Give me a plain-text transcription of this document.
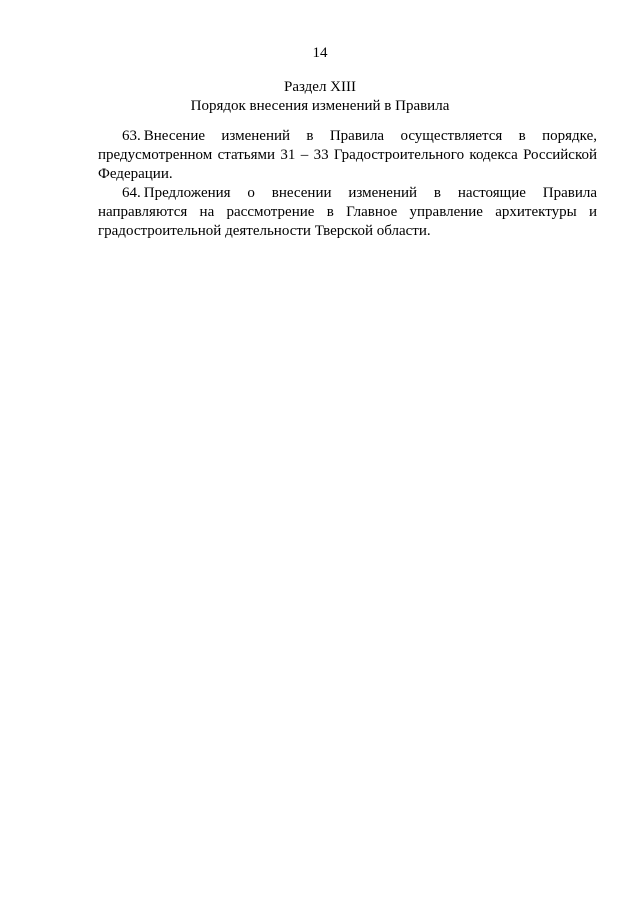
14
Раздел XIII
Порядок внесения изменений в Правила

63. Внесение изменений в Правила осуществляется в порядке, предусмотренном статьями 31 – 33 Градостроительного кодекса Российской Федерации.

64. Предложения о внесении изменений в настоящие Правила направляются на рассмотрение в Главное управление архитектуры и градостроительной деятельности Тверской области.
